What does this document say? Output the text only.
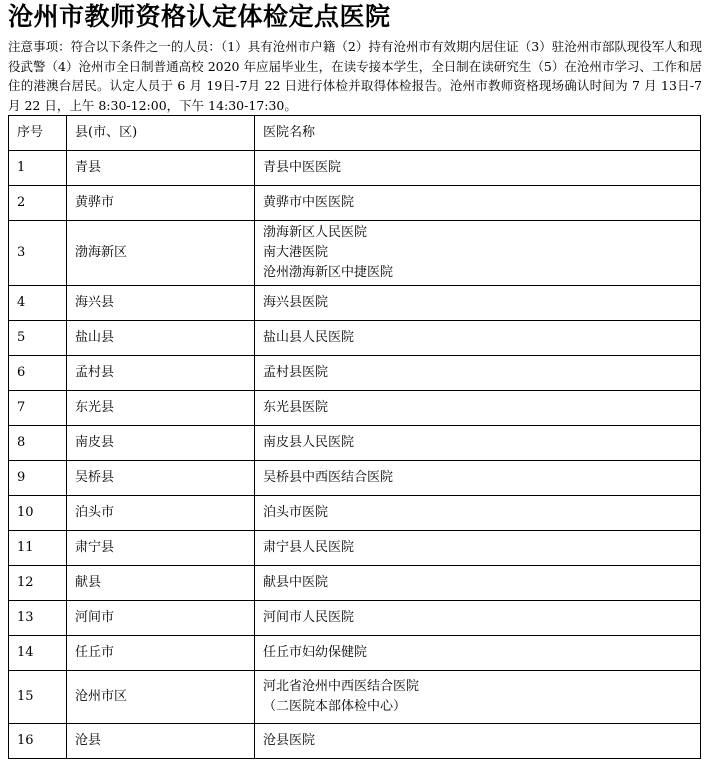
沧州市教师资格认定体检定点医院

注意事项：符合以下条件之一的人员：（1）具有沧州市户籍（2）持有沧州市有效期内居住证（3）驻沧州市部队现役军人和现役武警（4）沧州市全日制普通高校 2020 年应届毕业生，在读专接本学生，全日制在读研究生（5）在沧州市学习、工作和居住的港澳台居民。认定人员于 6 月 19日-7月 22 日进行体检并取得体检报告。沧州市教师资格现场确认时间为 7 月 13日-7月 22 日，上午 8:30-12:00，下午 14:30-17:30。

序号	县(市、区)	医院名称
1	青县	青县中医医院

2	黄骅市	黄骅市中医医院

3	渤海新区	渤海新区人民医院
南大港医院
沧州渤海新区中捷医院

4	海兴县	海兴县医院

5	盐山县	盐山县人民医院

6	孟村县	孟村县医院

7	东光县	东光县医院

8	南皮县	南皮县人民医院

9	吴桥县	吴桥县中西医结合医院

10	泊头市	泊头市医院

11	肃宁县	肃宁县人民医院

12	献县	献县中医院

13	河间市	河间市人民医院

14	任丘市	任丘市妇幼保健院

15	沧州市区	河北省沧州中西医结合医院
（二医院本部体检中心）

16	沧县	沧县医院
